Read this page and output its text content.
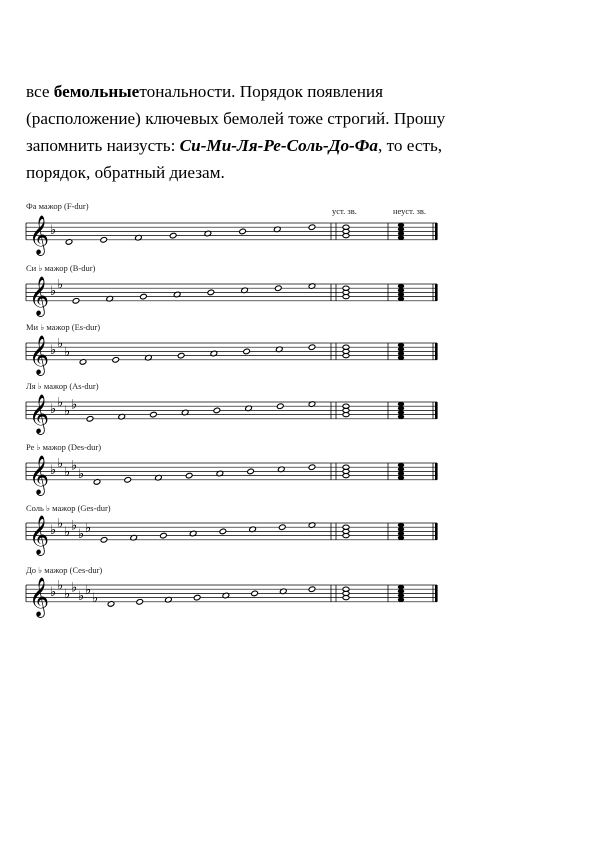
все бемольныетональности. Порядок появления
(расположение) ключевых бемолей тоже строгий. Прошу
запомнить наизусть: Си-Ми-Ля-Ре-Соль-До-Фа, то есть,
порядок, обратный диезам.
уст. зв.	неуст. зв.
Фа мажор (F-dur)
Си ♭ мажор (B-dur)
Ми ♭ мажор (Es-dur)
Ля ♭ мажор (As-dur)
Ре ♭ мажор (Des-dur)
Соль ♭ мажор (Ges-dur)
До ♭ мажор (Ces-dur)
𝄞 ♭
𝄞 ♭ ♭
𝄞 ♭ ♭
♭
𝄞 ♭ ♭
♭ ♭
𝄞 ♭ ♭
♭ ♭
♭
𝄞 ♭ ♭
♭ ♭
♭ ♭
𝄞 ♭ ♭
♭ ♭
♭ ♭
♭
